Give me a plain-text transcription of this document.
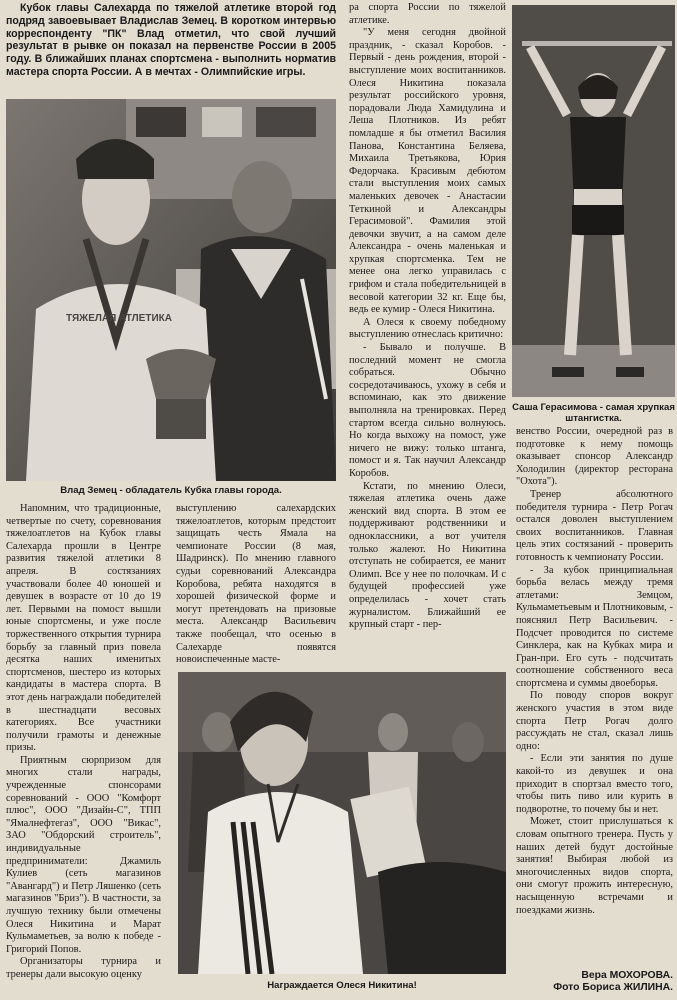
Кубок главы Салехарда по тяжелой атлетике второй год подряд завоевывает Владислав Земец. В коротком интервью корреспонденту "ПК" Влад отметил, что свой лучший результат в рывке он показал на первенстве России в 2005 году. В ближайших планах спортсмена - выполнить норматив мастера спорта России. А в мечтах - Олимпийские игры.

ТЯЖЕЛАЯ АТЛЕТИКА
Влад Земец - обладатель Кубка главы города.
Саша Герасимова - самая хрупкая штангистка.
Награждается Олеся Никитина!

Напомним, что традиционные, четвертые по счету, соревнования тяжелоатлетов на Кубок главы Салехарда прошли в Центре развития тяжелой атлетики 8 апреля. В состязаниях участвовали более 40 юношей и девушек в возрасте от 10 до 19 лет. Первыми на помост вышли юные спортсмены, и уже после торжественного открытия турнира борьбу за главный приз повела десятка наших именитых спортсменов, шестеро из которых кандидаты в мастера спорта. В этот день награждали победителей в шестнадцати весовых категориях. Все участники получили грамоты и денежные призы.

Приятным сюрпризом для многих стали награды, учрежденные спонсорами соревнований - ООО "Комфорт плюс", ООО "Дизайн-С", ТПП "Ямалнефтегаз", ООО "Викас", ЗАО "Обдорский строитель", индивидуальные предприниматели: Джамиль Кулиев (сеть магазинов "Авангард") и Петр Ляшенко (сеть магазинов "Бриз"). В частности, за лучшую технику были отмечены Олеся Никитина и Марат Кульмаметьев, за волю к победе - Григорий Попов.

Организаторы турнира и тренеры дали высокую оценку

выступлению салехардских тяжелоатлетов, которым предстоит защищать честь Ямала на чемпионате России (8 мая, Шадринск). По мнению главного судьи соревнований Александра Коробова, ребята находятся в хорошей физической форме и могут претендовать на призовые места. Александр Васильевич также пообещал, что осенью в Салехарде появятся новоиспеченные масте-

ра спорта России по тяжелой атлетике.

"У меня сегодня двойной праздник, - сказал Коробов. - Первый - день рождения, второй - выступление моих воспитанников. Олеся Никитина показала результат российского уровня, порадовали Люда Хамидулина и Леша Плотников. Из ребят помладше я бы отметил Василия Панова, Константина Беляева, Михаила Третьякова, Юрия Федорчака. Красивым дебютом стали выступления моих самых маленьких девочек - Анастасии Теткиной и Александры Герасимовой". Фамилия этой девочки звучит, а на самом деле Александра - очень маленькая и хрупкая спортсменка. Тем не менее она легко управилась с грифом и стала победительницей в весовой категории 32 кг. Еще бы, ведь ее кумир - Олеся Никитина.

А Олеся к своему победному выступлению отнеслась критично:

- Бывало и получше. В последний момент не смогла собраться. Обычно сосредотачиваюсь, ухожу в себя и вспоминаю, как это движение выполняла на тренировках. Перед стартом всегда сильно волнуюсь. Но когда выхожу на помост, уже ничего не вижу: только штанга, помост и я. Так научил Александр Коробов.

Кстати, по мнению Олеси, тяжелая атлетика очень даже женский вид спорта. В этом ее поддерживают родственники и одноклассники, а вот учителя только жалеют. Но Никитина отступать не собирается, ее манит Олимп. Все у нее по полочкам. И с будущей профессией уже определилась - хочет стать журналистом. Ближайший ее крупный старт - пер-

венство России, очередной раз в подготовке к нему помощь оказывает спонсор Александр Холодилин (директор ресторана "Охота").

Тренер абсолютного победителя турнира - Петр Рогач остался доволен выступлением своих воспитанников. Главная цель этих состязаний - проверить готовность к чемпионату России.

- За кубок принципиальная борьба велась между тремя атлетами: Земцом, Кульмаметьевым и Плотниковым, - поясняил Петр Васильевич. - Подсчет проводится по системе Синклера, как на Кубках мира и Гран-при. Его суть - подсчитать соотношение собственного веса спортсмена и суммы двоеборья.

По поводу споров вокруг женского участия в этом виде спорта Петр Рогач долго рассуждать не стал, сказал лишь одно:

- Если эти занятия по душе какой-то из девушек и она приходит в спортзал вместо того, чтобы пить пиво или курить в подворотне, то почему бы и нет.

Может, стоит прислушаться к словам опытного тренера. Пусть у наших детей будут достойные занятия! Выбирая любой из многочисленных видов спорта, они смогут прожить интересную, насыщенную встречами и поездками жизнь.

Вера МОХОРОВА.
Фото Бориса ЖИЛИНА.
